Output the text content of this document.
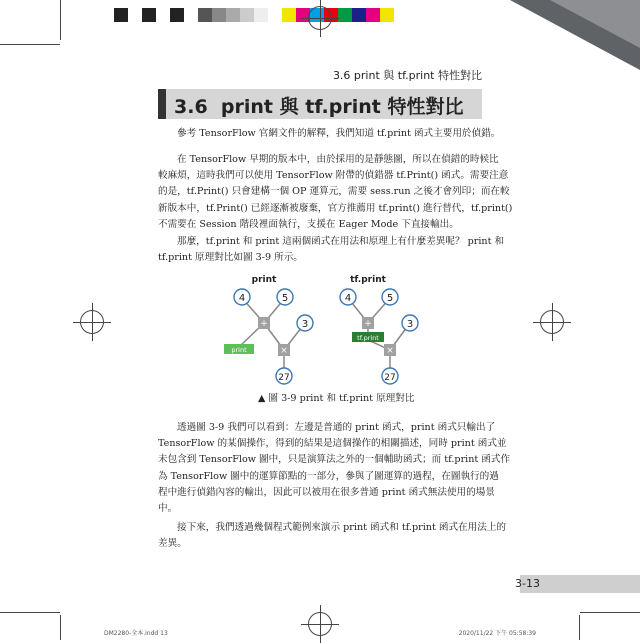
3.6 print 與 tf.print 特性對比
3.6 print 與 tf.print 特性對比
參考 TensorFlow 官網文件的解釋，我們知道 tf.print 函式主要用於偵錯。
在 TensorFlow 早期的版本中，由於採用的是靜態圖，所以在偵錯的時候比
較麻煩，這時我們可以使用 TensorFlow 附帶的偵錯器 tf.Print() 函式。需要注意
的是，tf.Print() 只會建構一個 OP 運算元，需要 sess.run 之後才會列印；而在較
新版本中，tf.Print() 已經逐漸被廢棄，官方推薦用 tf.print() 進行替代，tf.print()
不需要在 Session 階段裡面執行，支援在 Eager Mode 下直接輸出。
那麼，tf.print 和 print 這兩個函式在用法和原理上有什麼差異呢？ print 和
tf.print 原理對比如圖 3-9 所示。
print
4	5
3
+
×
27
print
tf.print
4	5
3
+
tf.print
×
27
▲ 圖 3-9 print 和 tf.print 原理對比
透過圖 3-9 我們可以看到：左邊是普通的 print 函式，print 函式只輸出了
TensorFlow 的某個操作，得到的結果是這個操作的相關描述，同時 print 函式並
未包含到 TensorFlow 圖中，只是演算法之外的一個輔助函式；而 tf.print 函式作
為 TensorFlow 圖中的運算節點的一部分，參與了圖運算的過程，在圖執行的過
程中進行偵錯內容的輸出，因此可以被用在很多普通 print 函式無法使用的場景
中。
接下來，我們透過幾個程式範例來演示 print 函式和 tf.print 函式在用法上的
差異。
3-13
DM2280-全本.indd 13	2020/11/22 下午 05:58:39
